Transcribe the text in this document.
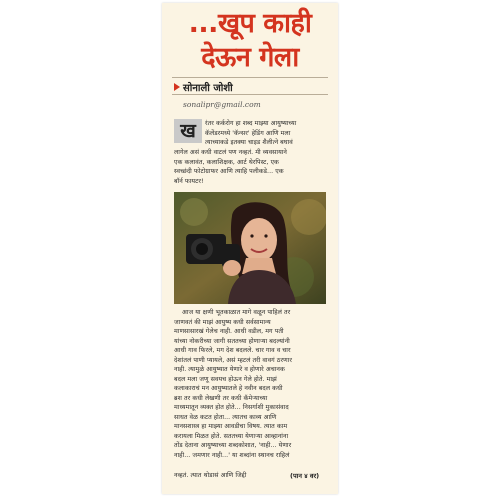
...खूप काही
देऊन गेला
सोनाली जोशी
sonalipr@gmail.com
ख	रंतर कर्करोग हा शब्द माझ्या आयुष्याच्या
कॅलेंडरमध्ये 'कॅन्सर' हेडिंग आणि मला
त्याच्याकडे इतक्या चाइड शैलीत्ने बघावं
लागेल असं कधी वाटलं पण नव्हतं. मी व्यवसायाने
एक कलावंत, कलाशिक्षक, आर्ट थेरपिस्ट, एक
स्वच्छंदी फोटोग्राफर आणि त्याहि पलीकडे... एक
बॉर्न फायटर!
आज या क्षणी भूतकाळात मागे वळून पाहिलं तर
जाणवतं की माझं आयुष्य कधी सर्वसामान्य
माणसासारखं गेलेच नाही. आधी वडील, मग पती
यांच्या नोकरीच्या जागी सततच्या होणाऱ्या बदल्यांनी
आधी गाव फिरले, मग देश बदलले. चार गाव व चार
देशांतलं पाणी प्यायले, असं म्हटलं तरी वावगं ठरणार
नाही. त्यामुळे आयुष्यात येणारे व होणारे अचानक
बदल मला जणू सवयच होऊन गेले होते. माझं
कलाकाराचं मन आयुष्यातले हे नवीन बदल कधी
ब्रश तर कधी लेखणी तर कधी कॅमेऱ्याच्या
माध्यमातून व्यक्त होत होते... निसर्गाशी मुकासंवाद
साधत वेळ कटत होता... त्यातच काव्य आणि
मानसशास्त्र हा माझ्या आवडीचा विषय. त्यात काम
करायला मिळत होते. सततच्या येणाऱ्या आव्हानांना
तोंड देताना आयुष्याच्या शब्दकोशात, 'नाही... येणार
नाही... जमणार नाही...' या शब्दांना स्थानच राहिलं
नव्हतं. त्यात थोडासं आणि जिद्दी	(पान ४ वर)
